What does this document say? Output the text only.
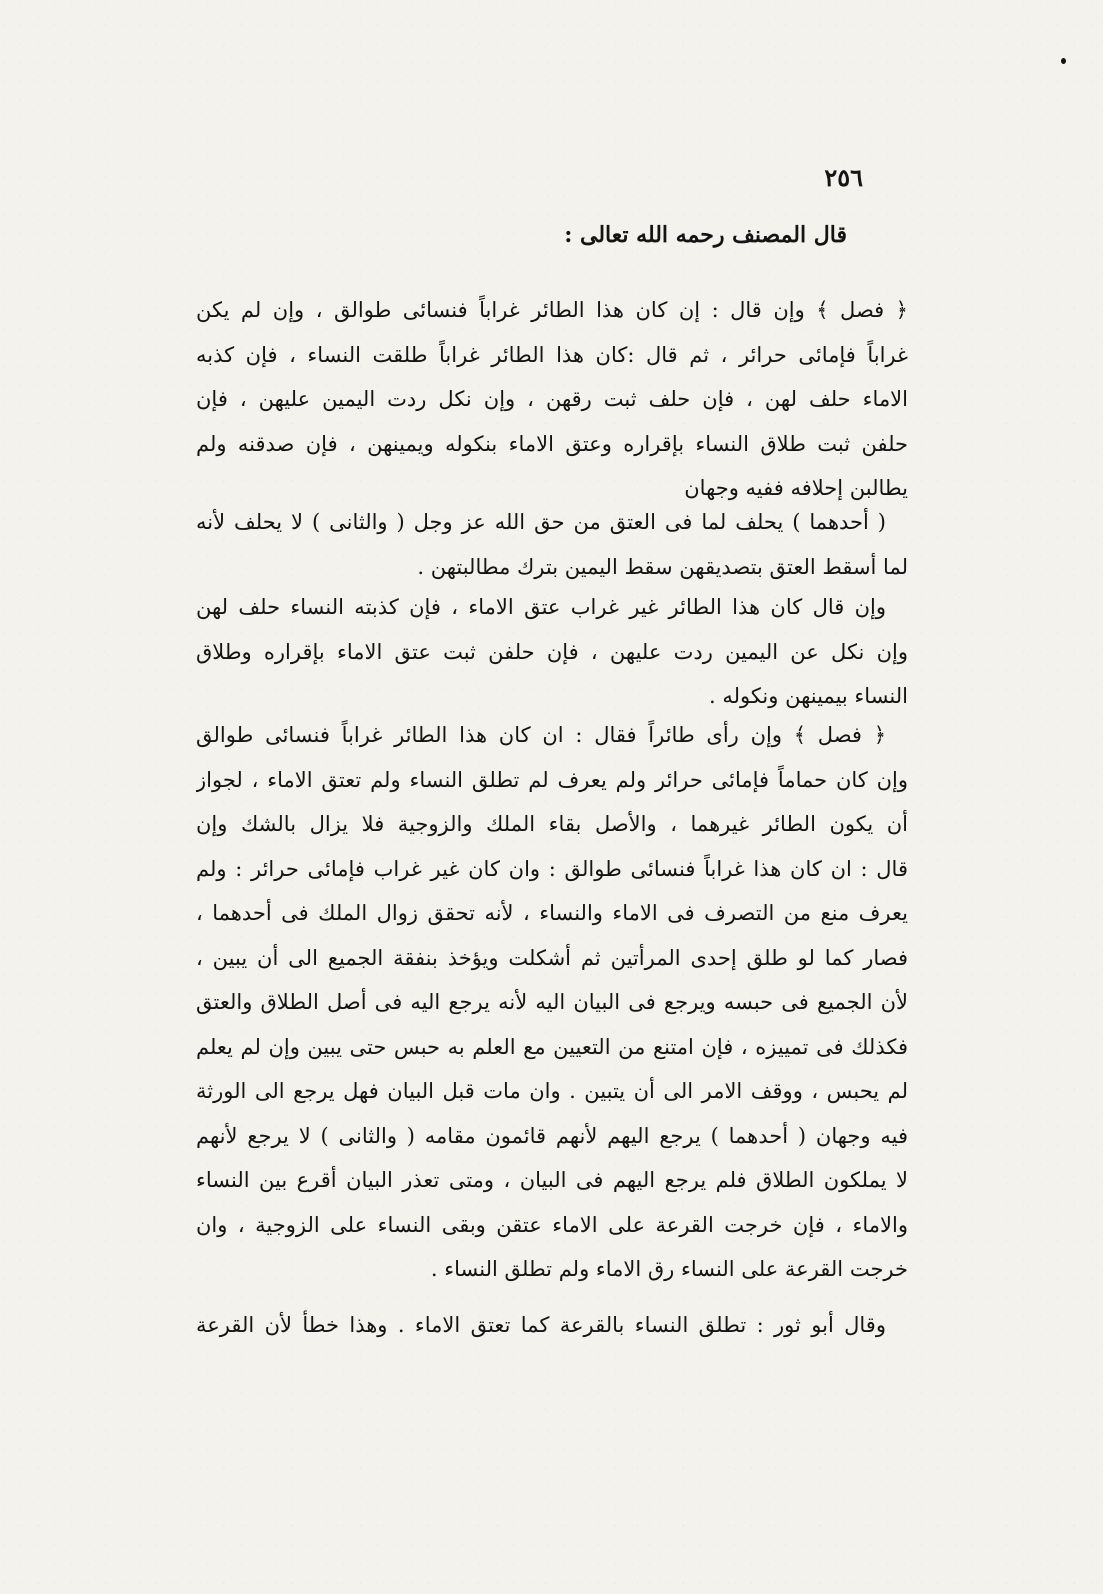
٢٥٦
قال المصنف رحمه الله تعالى :
﴿ فصل ﴾ وإن قال : إن كان هذا الطائر غراباً فنسائى طوالق ، وإن لم يكن
غراباً فإمائى حرائر ، ثم قال :كان هذا الطائر غراباً طلقت النساء ، فإن كذبه
الاماء حلف لهن ، فإن حلف ثبت رقهن ، وإن نكل ردت اليمين عليهن ، فإن
حلفن ثبت طلاق النساء بإقراره وعتق الاماء بنكوله ويمينهن ، فإن صدقنه ولم
يطالبن إحلافه ففيه وجهان
( أحدهما ) يحلف لما فى العتق من حق الله عز وجل ( والثانى ) لا يحلف لأنه
لما أسقط العتق بتصديقهن سقط اليمين بترك مطالبتهن .
وإن قال كان هذا الطائر غير غراب عتق الاماء ، فإن كذبته النساء حلف لهن
وإن نكل عن اليمين ردت عليهن ، فإن حلفن ثبت عتق الاماء بإقراره وطلاق
النساء بيمينهن ونكوله .
﴿ فصل ﴾ وإن رأى طائراً فقال : ان كان هذا الطائر غراباً فنسائى طوالق
وإن كان حماماً فإمائى حرائر ولم يعرف لم تطلق النساء ولم تعتق الاماء ، لجواز
أن يكون الطائر غيرهما ، والأصل بقاء الملك والزوجية فلا يزال بالشك وإن
قال : ان كان هذا غراباً فنسائى طوالق : وان كان غير غراب فإمائى حرائر : ولم
يعرف منع من التصرف فى الاماء والنساء ، لأنه تحقق زوال الملك فى أحدهما ،
فصار كما لو طلق إحدى المرأتين ثم أشكلت ويؤخذ بنفقة الجميع الى أن يبين ،
لأن الجميع فى حبسه ويرجع فى البيان اليه لأنه يرجع اليه فى أصل الطلاق والعتق
فكذلك فى تمييزه ، فإن امتنع من التعيين مع العلم به حبس حتى يبين وإن لم يعلم
لم يحبس ، ووقف الامر الى أن يتبين . وان مات قبل البيان فهل يرجع الى الورثة
فيه وجهان ( أحدهما ) يرجع اليهم لأنهم قائمون مقامه ( والثانى ) لا يرجع لأنهم
لا يملكون الطلاق فلم يرجع اليهم فى البيان ، ومتى تعذر البيان أقرع بين النساء
والاماء ، فإن خرجت القرعة على الاماء عتقن وبقى النساء على الزوجية ، وان
خرجت القرعة على النساء رق الاماء ولم تطلق النساء .
وقال أبو ثور : تطلق النساء بالقرعة كما تعتق الاماء . وهذا خطأ لأن القرعة
